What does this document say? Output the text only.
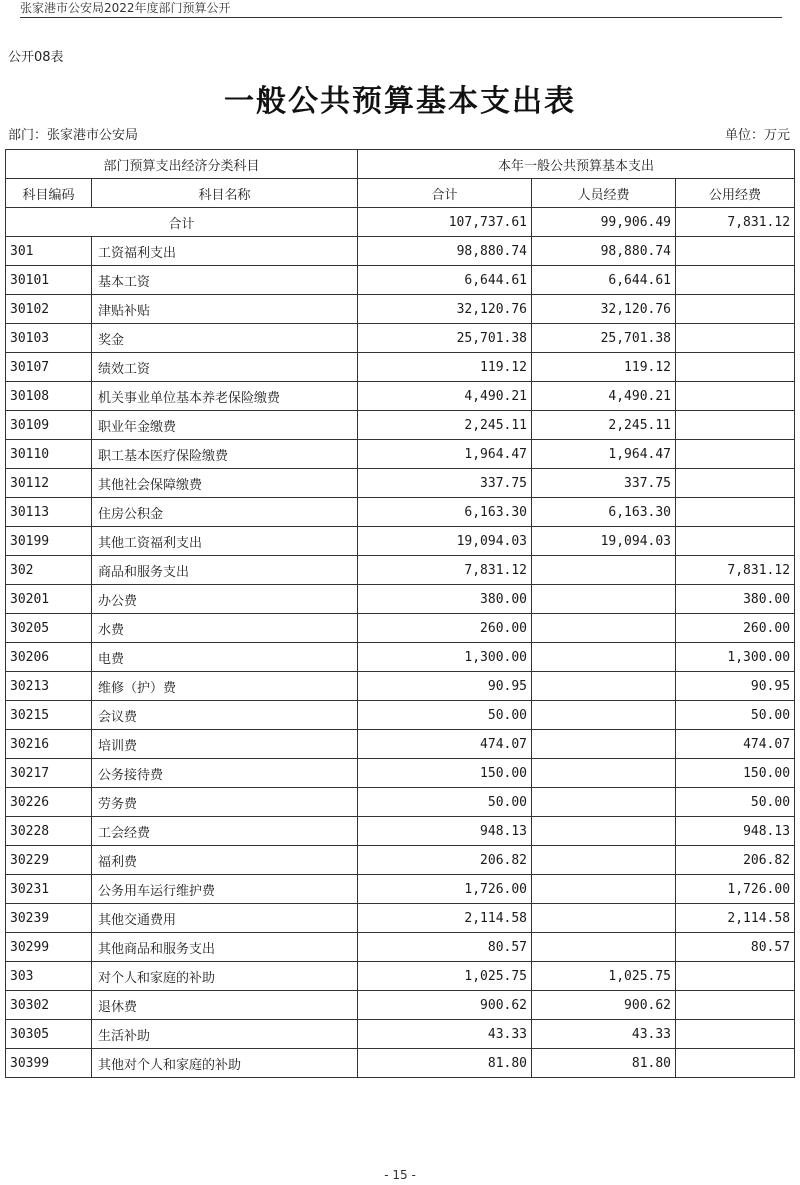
张家港市公安局2022年度部门预算公开
公开08表
一般公共预算基本支出表
部门：张家港市公安局	单位：万元
部门预算支出经济分类科目		本年一般公共预算基本支出		
科目编码	科目名称	合计	人员经费	公用经费
合计		107,737.61	99,906.49	7,831.12
301	工资福利支出	98,880.74	98,880.74	
30101	基本工资	6,644.61	6,644.61	
30102	津贴补贴	32,120.76	32,120.76	
30103	奖金	25,701.38	25,701.38	
30107	绩效工资	119.12	119.12	
30108	机关事业单位基本养老保险缴费	4,490.21	4,490.21	
30109	职业年金缴费	2,245.11	2,245.11	
30110	职工基本医疗保险缴费	1,964.47	1,964.47	
30112	其他社会保障缴费	337.75	337.75	
30113	住房公积金	6,163.30	6,163.30	
30199	其他工资福利支出	19,094.03	19,094.03	
302	商品和服务支出	7,831.12		7,831.12
30201	办公费	380.00		380.00
30205	水费	260.00		260.00
30206	电费	1,300.00		1,300.00
30213	维修（护）费	90.95		90.95
30215	会议费	50.00		50.00
30216	培训费	474.07		474.07
30217	公务接待费	150.00		150.00
30226	劳务费	50.00		50.00
30228	工会经费	948.13		948.13
30229	福利费	206.82		206.82
30231	公务用车运行维护费	1,726.00		1,726.00
30239	其他交通费用	2,114.58		2,114.58
30299	其他商品和服务支出	80.57		80.57
303	对个人和家庭的补助	1,025.75	1,025.75	
30302	退休费	900.62	900.62	
30305	生活补助	43.33	43.33	
30399	其他对个人和家庭的补助	81.80	81.80	
- 15 -
